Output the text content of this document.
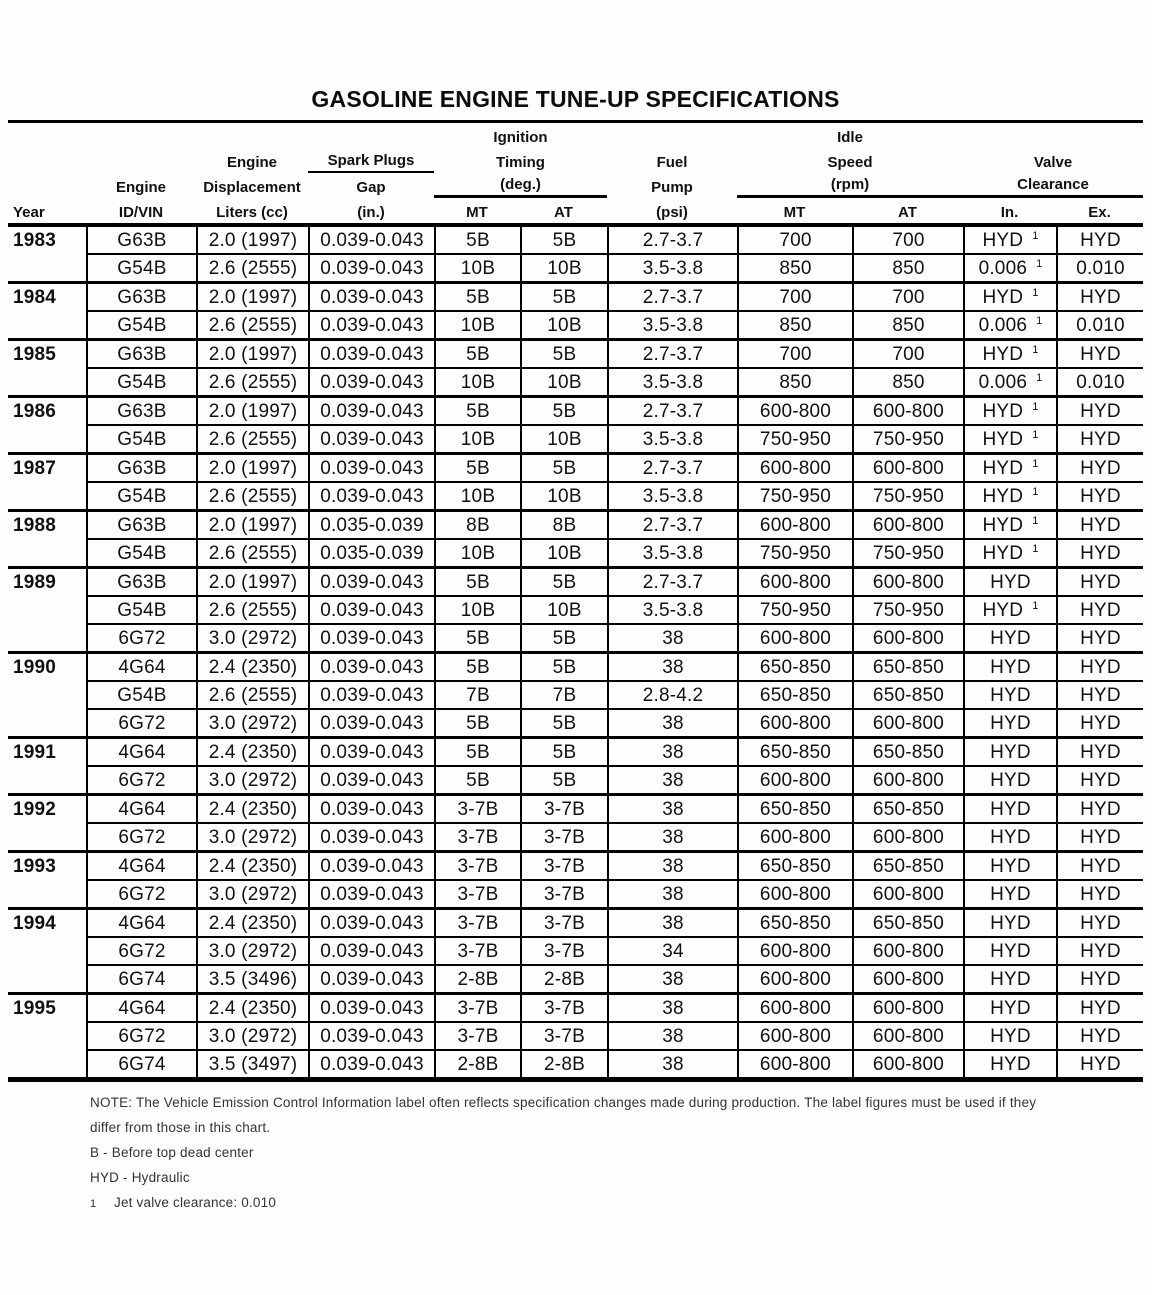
GASOLINE ENGINE TUNE-UP SPECIFICATIONS
Ignition	Idle
Engine	Spark Plugs	Timing	Fuel	Speed	Valve
Engine	Displacement	Gap	(deg.)	Pump	(rpm)	Clearance
Year	ID/VIN	Liters (cc)	(in.)	MT	AT	(psi)	MT	AT	In.	Ex.
1983	G63B	2.0 (1997)	0.039-0.043	5B	5B	2.7-3.7	700	700	HYD 1	HYD
G54B	2.6 (2555)	0.039-0.043	10B	10B	3.5-3.8	850	850	0.006 1	0.010
1984	G63B	2.0 (1997)	0.039-0.043	5B	5B	2.7-3.7	700	700	HYD 1	HYD
G54B	2.6 (2555)	0.039-0.043	10B	10B	3.5-3.8	850	850	0.006 1	0.010
1985	G63B	2.0 (1997)	0.039-0.043	5B	5B	2.7-3.7	700	700	HYD 1	HYD
G54B	2.6 (2555)	0.039-0.043	10B	10B	3.5-3.8	850	850	0.006 1	0.010
1986	G63B	2.0 (1997)	0.039-0.043	5B	5B	2.7-3.7	600-800	600-800	HYD 1	HYD
G54B	2.6 (2555)	0.039-0.043	10B	10B	3.5-3.8	750-950	750-950	HYD 1	HYD
1987	G63B	2.0 (1997)	0.039-0.043	5B	5B	2.7-3.7	600-800	600-800	HYD 1	HYD
G54B	2.6 (2555)	0.039-0.043	10B	10B	3.5-3.8	750-950	750-950	HYD 1	HYD
1988	G63B	2.0 (1997)	0.035-0.039	8B	8B	2.7-3.7	600-800	600-800	HYD 1	HYD
G54B	2.6 (2555)	0.035-0.039	10B	10B	3.5-3.8	750-950	750-950	HYD 1	HYD
1989	G63B	2.0 (1997)	0.039-0.043	5B	5B	2.7-3.7	600-800	600-800	HYD	HYD
G54B	2.6 (2555)	0.039-0.043	10B	10B	3.5-3.8	750-950	750-950	HYD 1	HYD
6G72	3.0 (2972)	0.039-0.043	5B	5B	38	600-800	600-800	HYD	HYD
1990	4G64	2.4 (2350)	0.039-0.043	5B	5B	38	650-850	650-850	HYD	HYD
G54B	2.6 (2555)	0.039-0.043	7B	7B	2.8-4.2	650-850	650-850	HYD	HYD
6G72	3.0 (2972)	0.039-0.043	5B	5B	38	600-800	600-800	HYD	HYD
1991	4G64	2.4 (2350)	0.039-0.043	5B	5B	38	650-850	650-850	HYD	HYD
6G72	3.0 (2972)	0.039-0.043	5B	5B	38	600-800	600-800	HYD	HYD
1992	4G64	2.4 (2350)	0.039-0.043	3-7B	3-7B	38	650-850	650-850	HYD	HYD
6G72	3.0 (2972)	0.039-0.043	3-7B	3-7B	38	600-800	600-800	HYD	HYD
1993	4G64	2.4 (2350)	0.039-0.043	3-7B	3-7B	38	650-850	650-850	HYD	HYD
6G72	3.0 (2972)	0.039-0.043	3-7B	3-7B	38	600-800	600-800	HYD	HYD
1994	4G64	2.4 (2350)	0.039-0.043	3-7B	3-7B	38	650-850	650-850	HYD	HYD
6G72	3.0 (2972)	0.039-0.043	3-7B	3-7B	34	600-800	600-800	HYD	HYD
6G74	3.5 (3496)	0.039-0.043	2-8B	2-8B	38	600-800	600-800	HYD	HYD
1995	4G64	2.4 (2350)	0.039-0.043	3-7B	3-7B	38	600-800	600-800	HYD	HYD
6G72	3.0 (2972)	0.039-0.043	3-7B	3-7B	38	600-800	600-800	HYD	HYD
6G74	3.5 (3497)	0.039-0.043	2-8B	2-8B	38	600-800	600-800	HYD	HYD

NOTE: The Vehicle Emission Control Information label often reflects specification changes made during production. The label figures must be used if they

differ from those in this chart.

B - Before top dead center

HYD - Hydraulic

1	Jet valve clearance: 0.010
